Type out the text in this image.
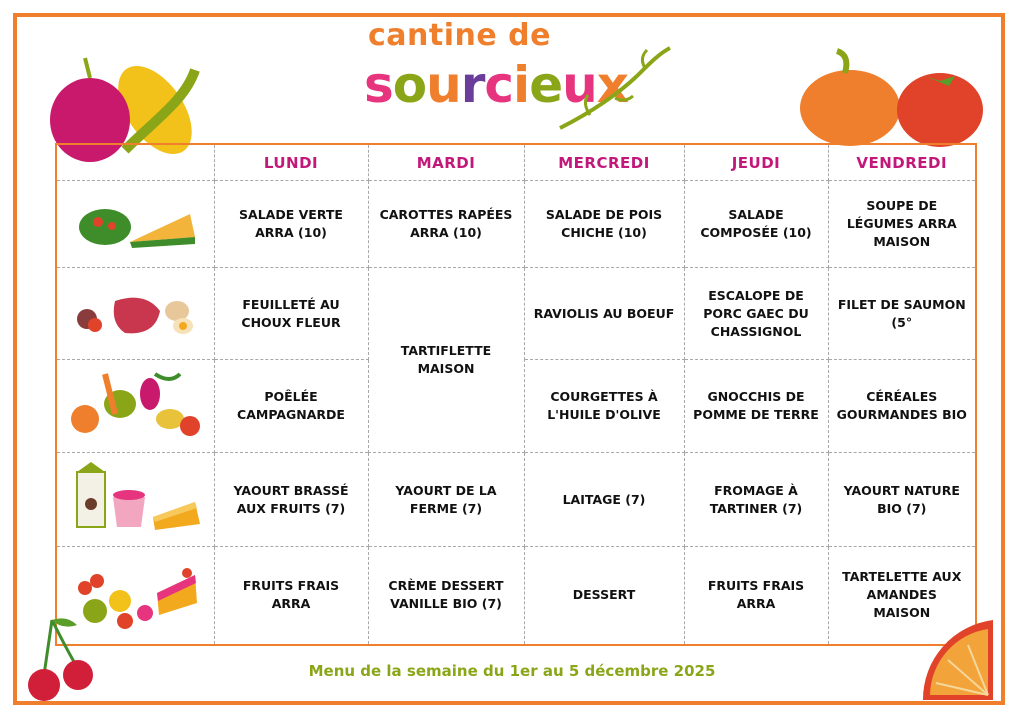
cantine de
sourcieux
	LUNDI	MARDI	MERCREDI	JEUDI	VENDREDI
	SALADE VERTE ARRA (10)	CAROTTES RAPÉES ARRA (10)	SALADE DE POIS CHICHE (10)	SALADE COMPOSÉE (10)	SOUPE DE LÉGUMES ARRA MAISON
	FEUILLETÉ AU CHOUX FLEUR	TARTIFLETTE MAISON	RAVIOLIS AU BOEUF	ESCALOPE DE PORC GAEC DU CHASSIGNOL	FILET DE SAUMON (5°
	POÊLÉE CAMPAGNARDE		COURGETTES À L'HUILE D'OLIVE	GNOCCHIS DE POMME DE TERRE	CÉRÉALES GOURMANDES BIO
	YAOURT BRASSÉ AUX FRUITS (7)	YAOURT DE LA FERME (7)	LAITAGE (7)	FROMAGE À TARTINER (7)	YAOURT NATURE BIO (7)
	FRUITS FRAIS ARRA	CRÈME DESSERT VANILLE BIO (7)	DESSERT	FRUITS FRAIS ARRA	TARTELETTE AUX AMANDES MAISON
Menu de la semaine du 1er au 5 décembre 2025
